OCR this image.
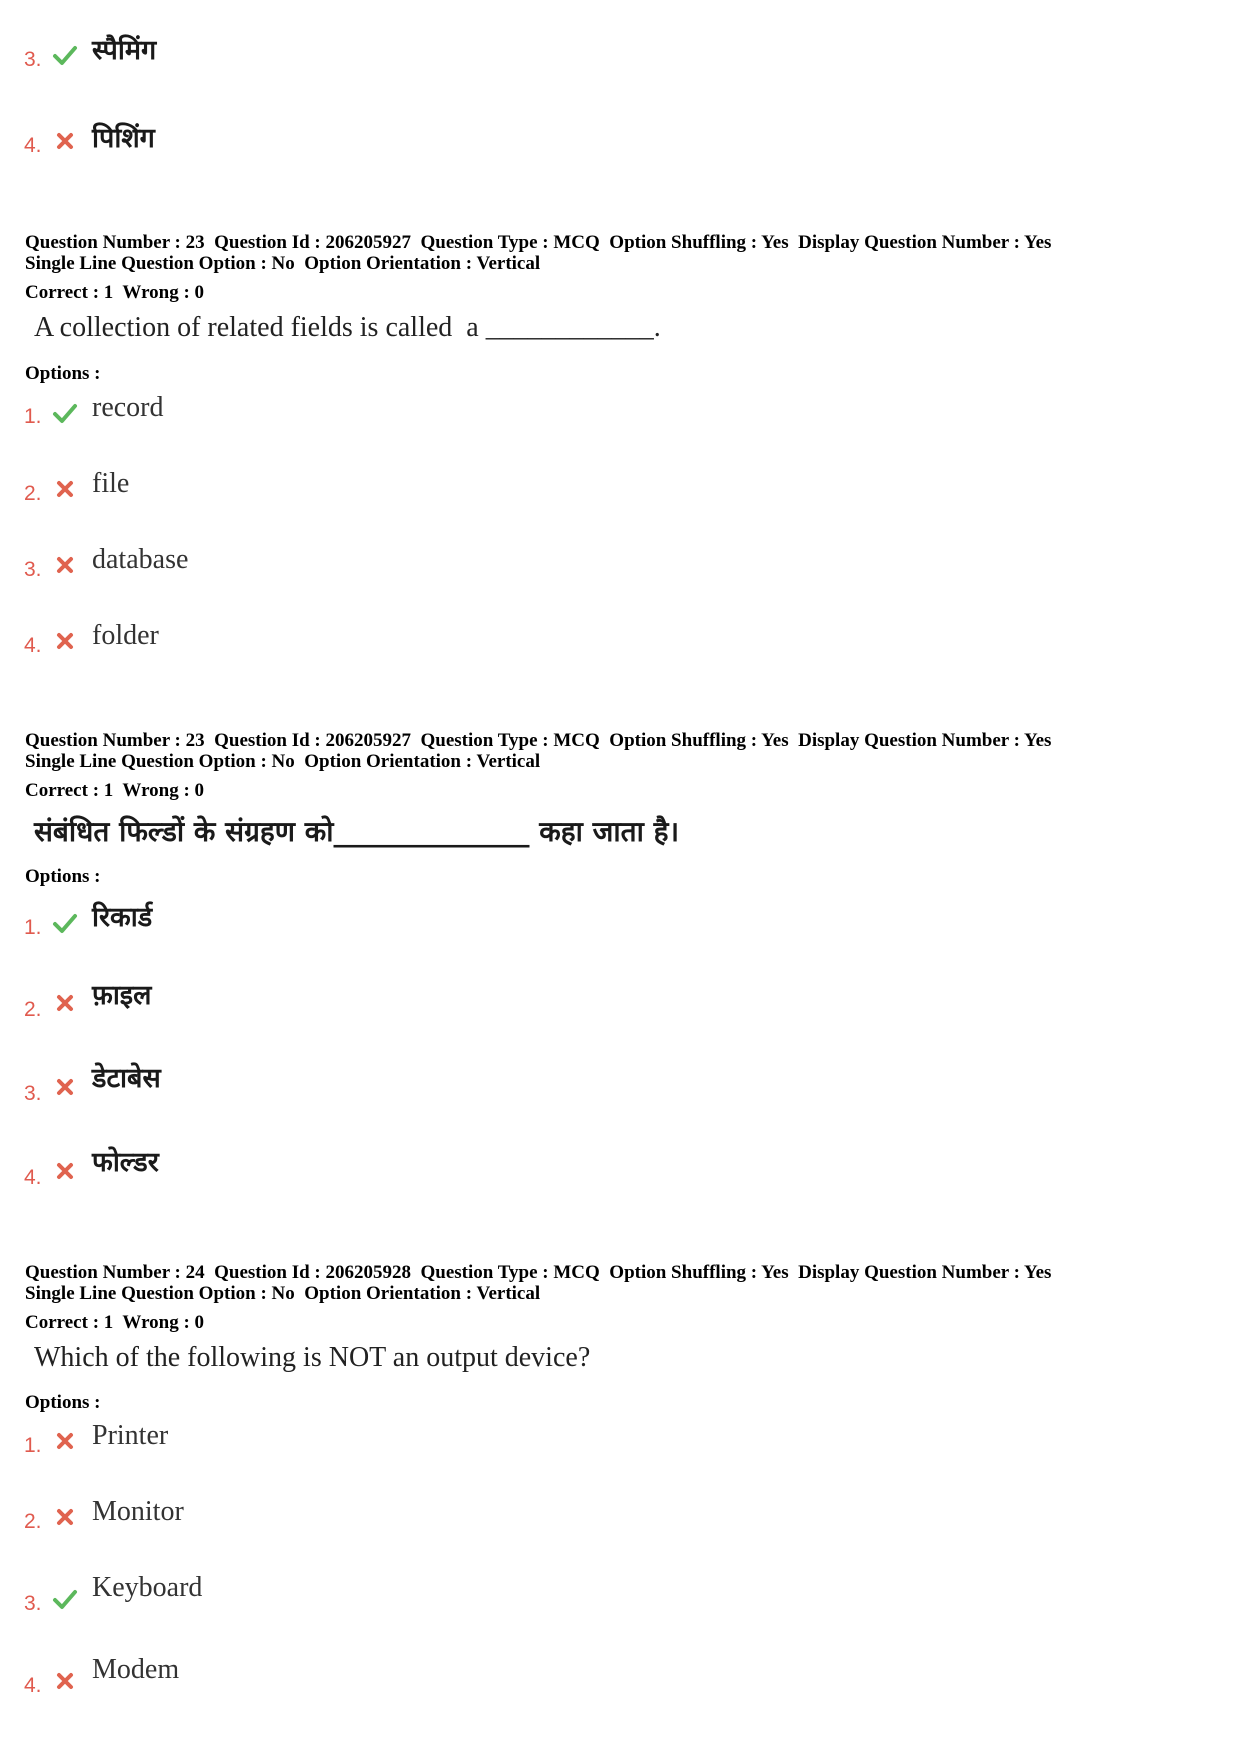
3. स्पैमिंग
4. पिशिंग
Question Number : 23  Question Id : 206205927  Question Type : MCQ  Option Shuffling : Yes  Display Question Number : Yes
Single Line Question Option : No  Option Orientation : Vertical
Correct : 1  Wrong : 0
A collection of related fields is called  a ____________.
Options :
1. record
2. file
3. database
4. folder
Question Number : 23  Question Id : 206205927  Question Type : MCQ  Option Shuffling : Yes  Display Question Number : Yes
Single Line Question Option : No  Option Orientation : Vertical
Correct : 1  Wrong : 0
संबंधित फिल्डों के संग्रहण को______________ कहा जाता है।
Options :
1. रिकार्ड
2. फ़ाइल
3. डेटाबेस
4. फोल्डर
Question Number : 24  Question Id : 206205928  Question Type : MCQ  Option Shuffling : Yes  Display Question Number : Yes
Single Line Question Option : No  Option Orientation : Vertical
Correct : 1  Wrong : 0
Which of the following is NOT an output device?
Options :
1. Printer
2. Monitor
3.
Keyboard
4.
Modem
